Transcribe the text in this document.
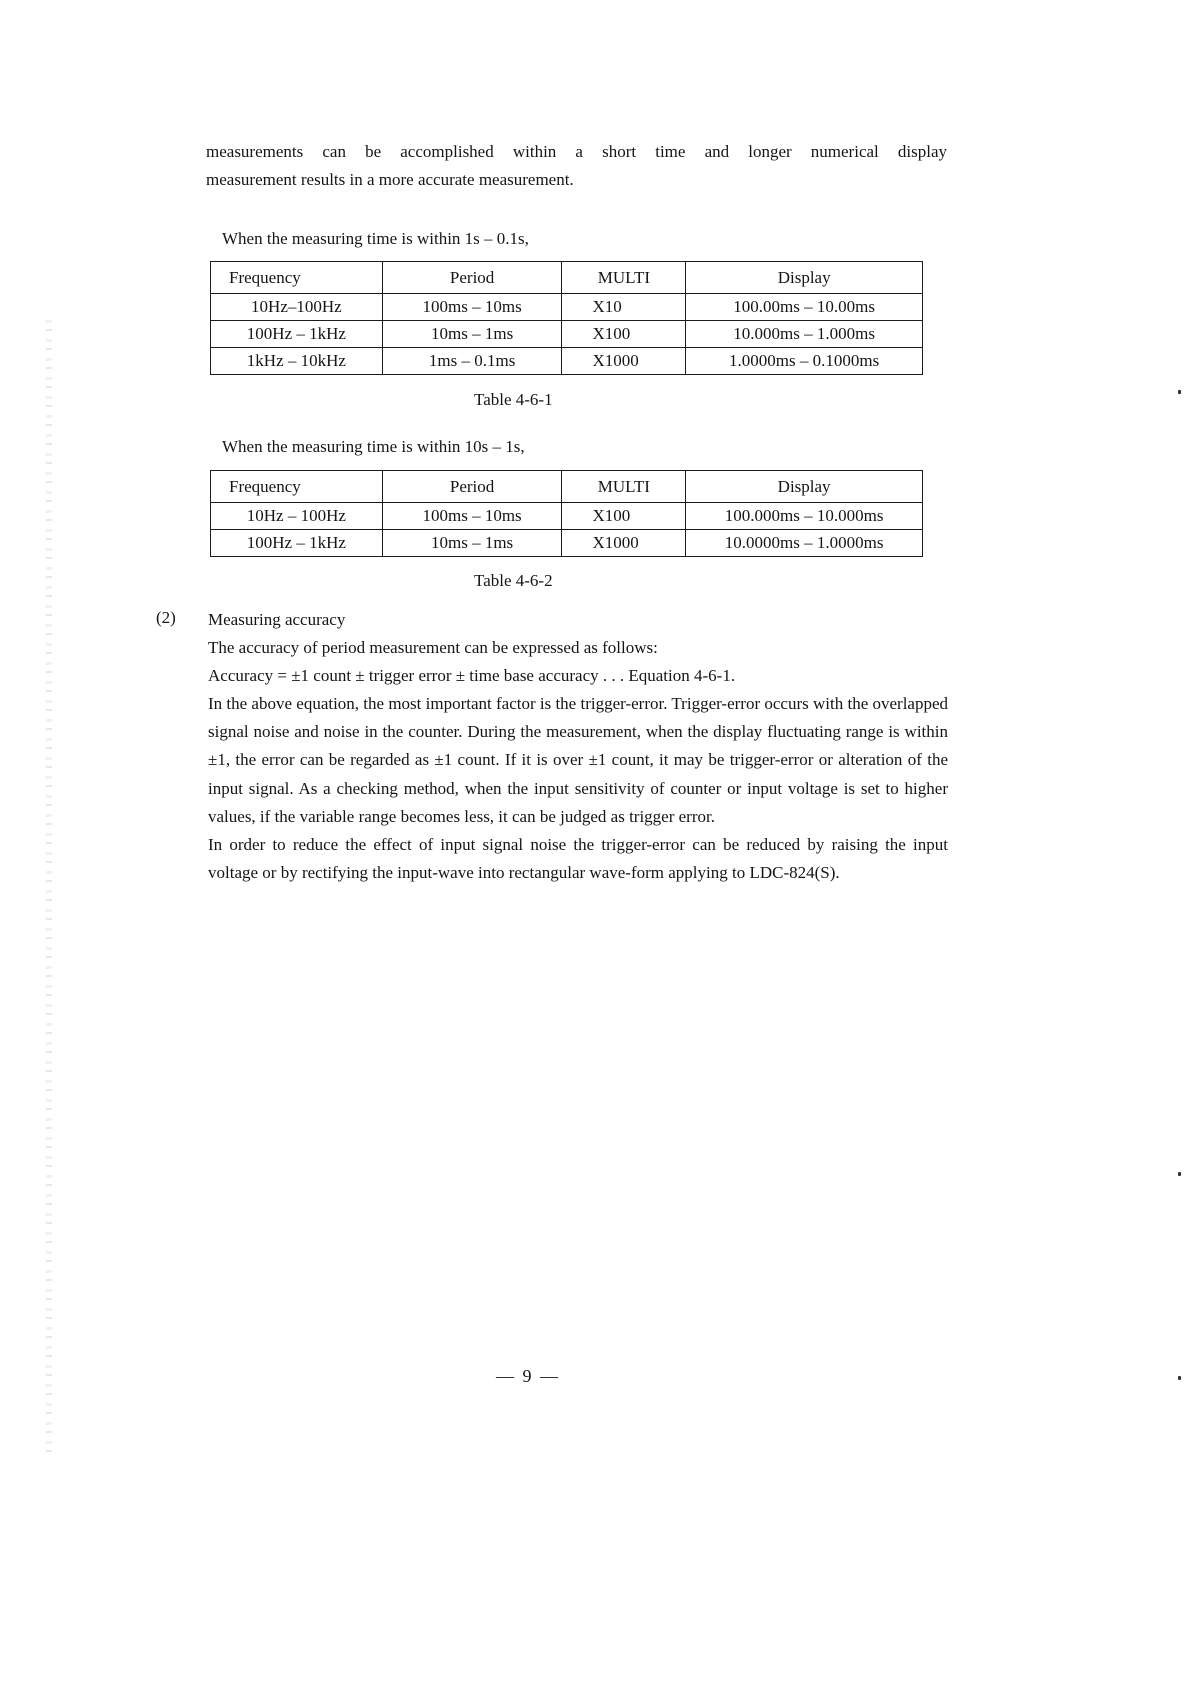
measurements can be accomplished within a short time and longer numerical display

measurement results in a more accurate measurement.

When the measuring time is within 1s – 0.1s,

Frequency	Period	MULTI	Display
10Hz–100Hz	100ms – 10ms	X10	100.00ms – 10.00ms
100Hz – 1kHz	10ms – 1ms	X100	10.000ms – 1.000ms
1kHz – 10kHz	1ms – 0.1ms	X1000	1.0000ms – 0.1000ms

Table 4-6-1

When the measuring time is within 10s – 1s,

Frequency	Period	MULTI	Display
10Hz – 100Hz	100ms – 10ms	X100	100.000ms – 10.000ms
100Hz – 1kHz	10ms – 1ms	X1000	10.0000ms – 1.0000ms

Table 4-6-2

(2) Measuring accuracy

The accuracy of period measurement can be expressed as follows:

Accuracy = ±1 count ± trigger error ± time base accuracy . . . Equation 4-6-1.

In the above equation, the most important factor is the trigger-error. Trigger-error occurs with the overlapped signal noise and noise in the counter. During the measurement, when the display fluctuating range is within ±1, the error can be regarded as ±1 count. If it is over ±1 count, it may be trigger-error or alteration of the input signal. As a checking method, when the input sensitivity of counter or input voltage is set to higher values, if the variable range becomes less, it can be judged as trigger error.

In order to reduce the effect of input signal noise the trigger-error can be reduced by raising the input voltage or by rectifying the input-wave into rectangular wave-form applying to LDC-824(S).

— 9 —
